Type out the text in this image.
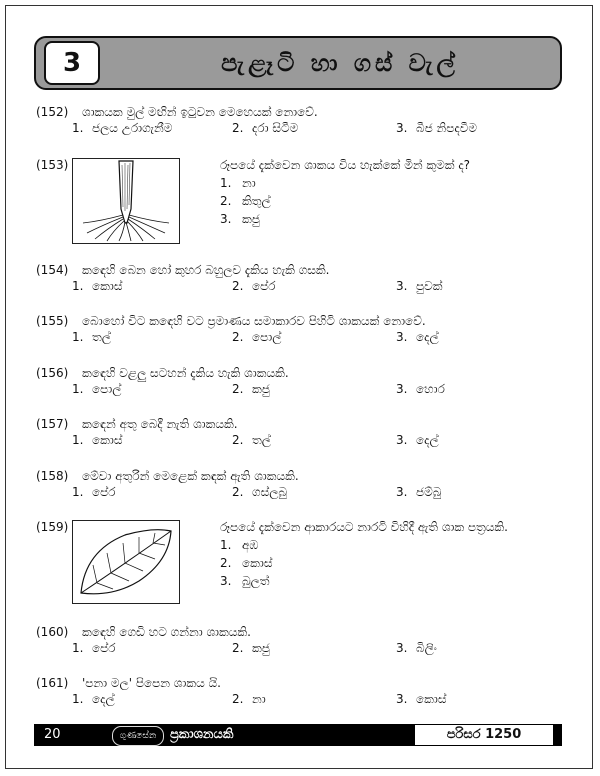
3	පැළෑටි හා ගස් වැල්
(152) ශාකයක මුල් මඟින් ඉටුවන මෙහෙයක් නොවේ.
1. ජලය උරාගැනීම	2. දරා සිටීම	3. බීජ නිපදවීම
(153)	රූපයේ දැක්වෙන ශාකය විය හැක්කේ මින් කුමක් ද?
1. නා
2. කිතුල්
3. කජු
(154) කඳෙහි බෙන හෝ කුහර බහුලව දැකිය හැකි ගසකි.
1. කොස්	2. පේර	3. පුවක්
(155) බොහෝ විට කඳෙහි වට ප්‍රමාණය සමාකාරව පිහිටි ශාකයක් නොවේ.
1. තල්	2. පොල්	3. දෙල්
(156) කඳෙහි වළලු සටහන් දැකිය හැකි ශාකයකි.
1. පොල්	2. කජු	3. හොර
(157) කඳෙන් අතු බෙදී නැති ශාකයකි.
1. කොස්	2. තල්	3. දෙල්
(158) මේවා අතුරින් මෙළෙක් කඳක් ඇති ශාකයකි.
1. පේර	2. ගස්ලබු	3. ජම්බු
(159)	රූපයේ දැක්වෙන ආකාරයට නාරටි විහිදී ඇති ශාක පත්‍රයකි.
1. අඹ
2. කොස්
3. බුලත්
(160) කඳෙහි ගෙඩි හට ගන්නා ශාකයකි.
1. පේර	2. කජු	3. බිලිං
(161) 'පනා මල' පිපෙන ශාකය යි.
1. දෙල්	2. නා	3. කොස්
20	ගුණසේන	ප්‍රකාශනයකි	පරිසර 1250
